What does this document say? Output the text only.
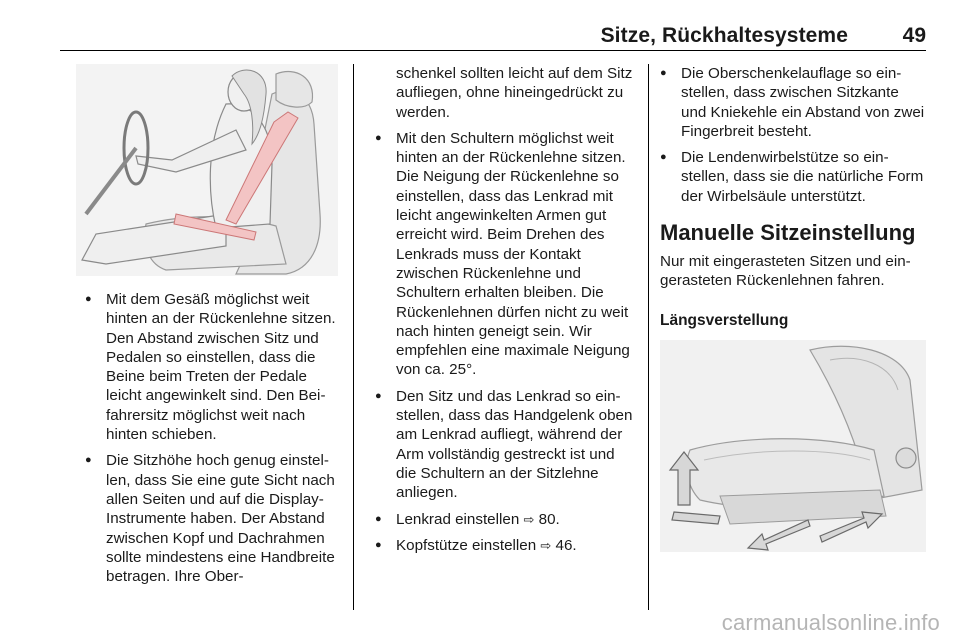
Sitze, Rückhaltesysteme	49
● Mit dem Gesäß möglichst weit hinten an der Rückenlehne sitzen. Den Abstand zwischen Sitz und Pedalen so einstellen, dass die Beine beim Treten der Pedale leicht angewinkelt sind. Den Beifahrersitz möglichst weit nach hinten schieben.
● Die Sitzhöhe hoch genug einstellen, dass Sie eine gute Sicht nach allen Seiten und auf die Display-Instrumente haben. Der Abstand zwischen Kopf und Dachrahmen sollte mindestens eine Handbreite betragen. Ihre Ober-
schenkel sollten leicht auf dem Sitz aufliegen, ohne hineingedrückt zu werden.
● Mit den Schultern möglichst weit hinten an der Rückenlehne sitzen. Die Neigung der Rückenlehne so einstellen, dass das Lenkrad mit leicht angewinkelten Armen gut erreicht wird. Beim Drehen des Lenkrads muss der Kontakt zwischen Rückenlehne und Schultern erhalten bleiben. Die Rückenlehnen dürfen nicht zu weit nach hinten geneigt sein. Wir empfehlen eine maximale Neigung von ca. 25°.
● Den Sitz und das Lenkrad so einstellen, dass das Handgelenk oben am Lenkrad aufliegt, während der Arm vollständig gestreckt ist und die Schultern an der Sitzlehne anliegen.
● Lenkrad einstellen ⇨ 80.
● Kopfstütze einstellen ⇨ 46.
● Die Oberschenkelauflage so einstellen, dass zwischen Sitzkante und Kniekehle ein Abstand von zwei Fingerbreit besteht.
● Die Lendenwirbelstütze so einstellen, dass sie die natürliche Form der Wirbelsäule unterstützt.
Manuelle Sitzeinstellung

Nur mit eingerasteten Sitzen und eingerasteten Rückenlehnen fahren.

Längsverstellung

carmanualsonline.info
